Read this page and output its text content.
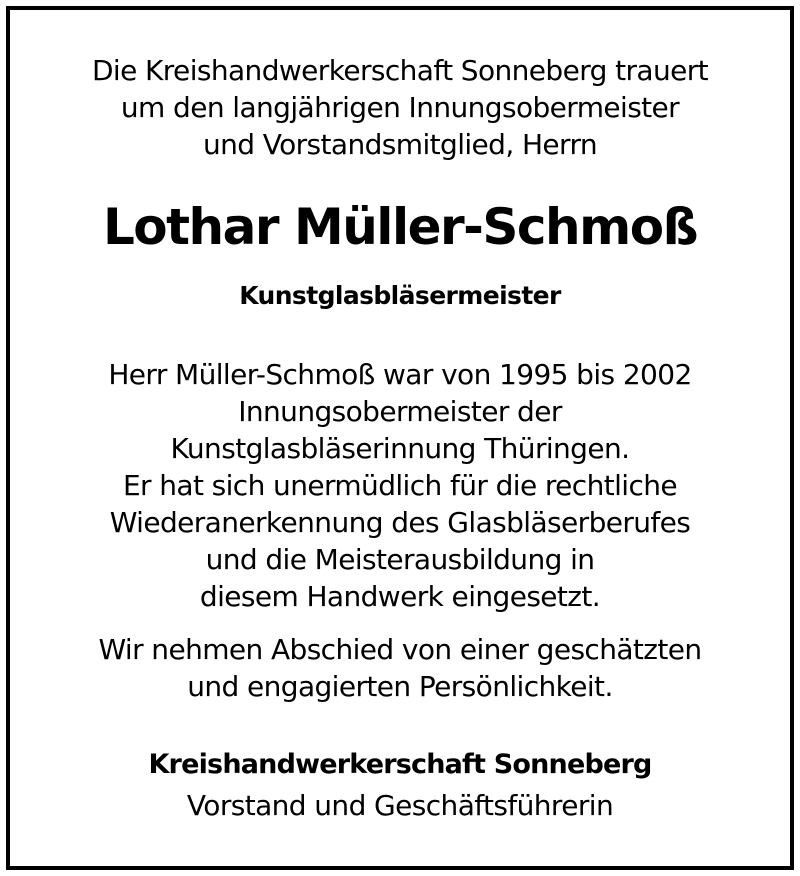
Die Kreishandwerkerschaft Sonneberg trauert
um den langjährigen Innungsobermeister
und Vorstandsmitglied, Herrn
Lothar Müller-Schmoß
Kunstglasbläsermeister
Herr Müller-Schmoß war von 1995 bis 2002
Innungsobermeister der
Kunstglasbläserinnung Thüringen.
Er hat sich unermüdlich für die rechtliche
Wiederanerkennung des Glasbläserberufes
und die Meisterausbildung in
diesem Handwerk eingesetzt.
Wir nehmen Abschied von einer geschätzten
und engagierten Persönlichkeit.
Kreishandwerkerschaft Sonneberg
Vorstand und Geschäftsführerin
